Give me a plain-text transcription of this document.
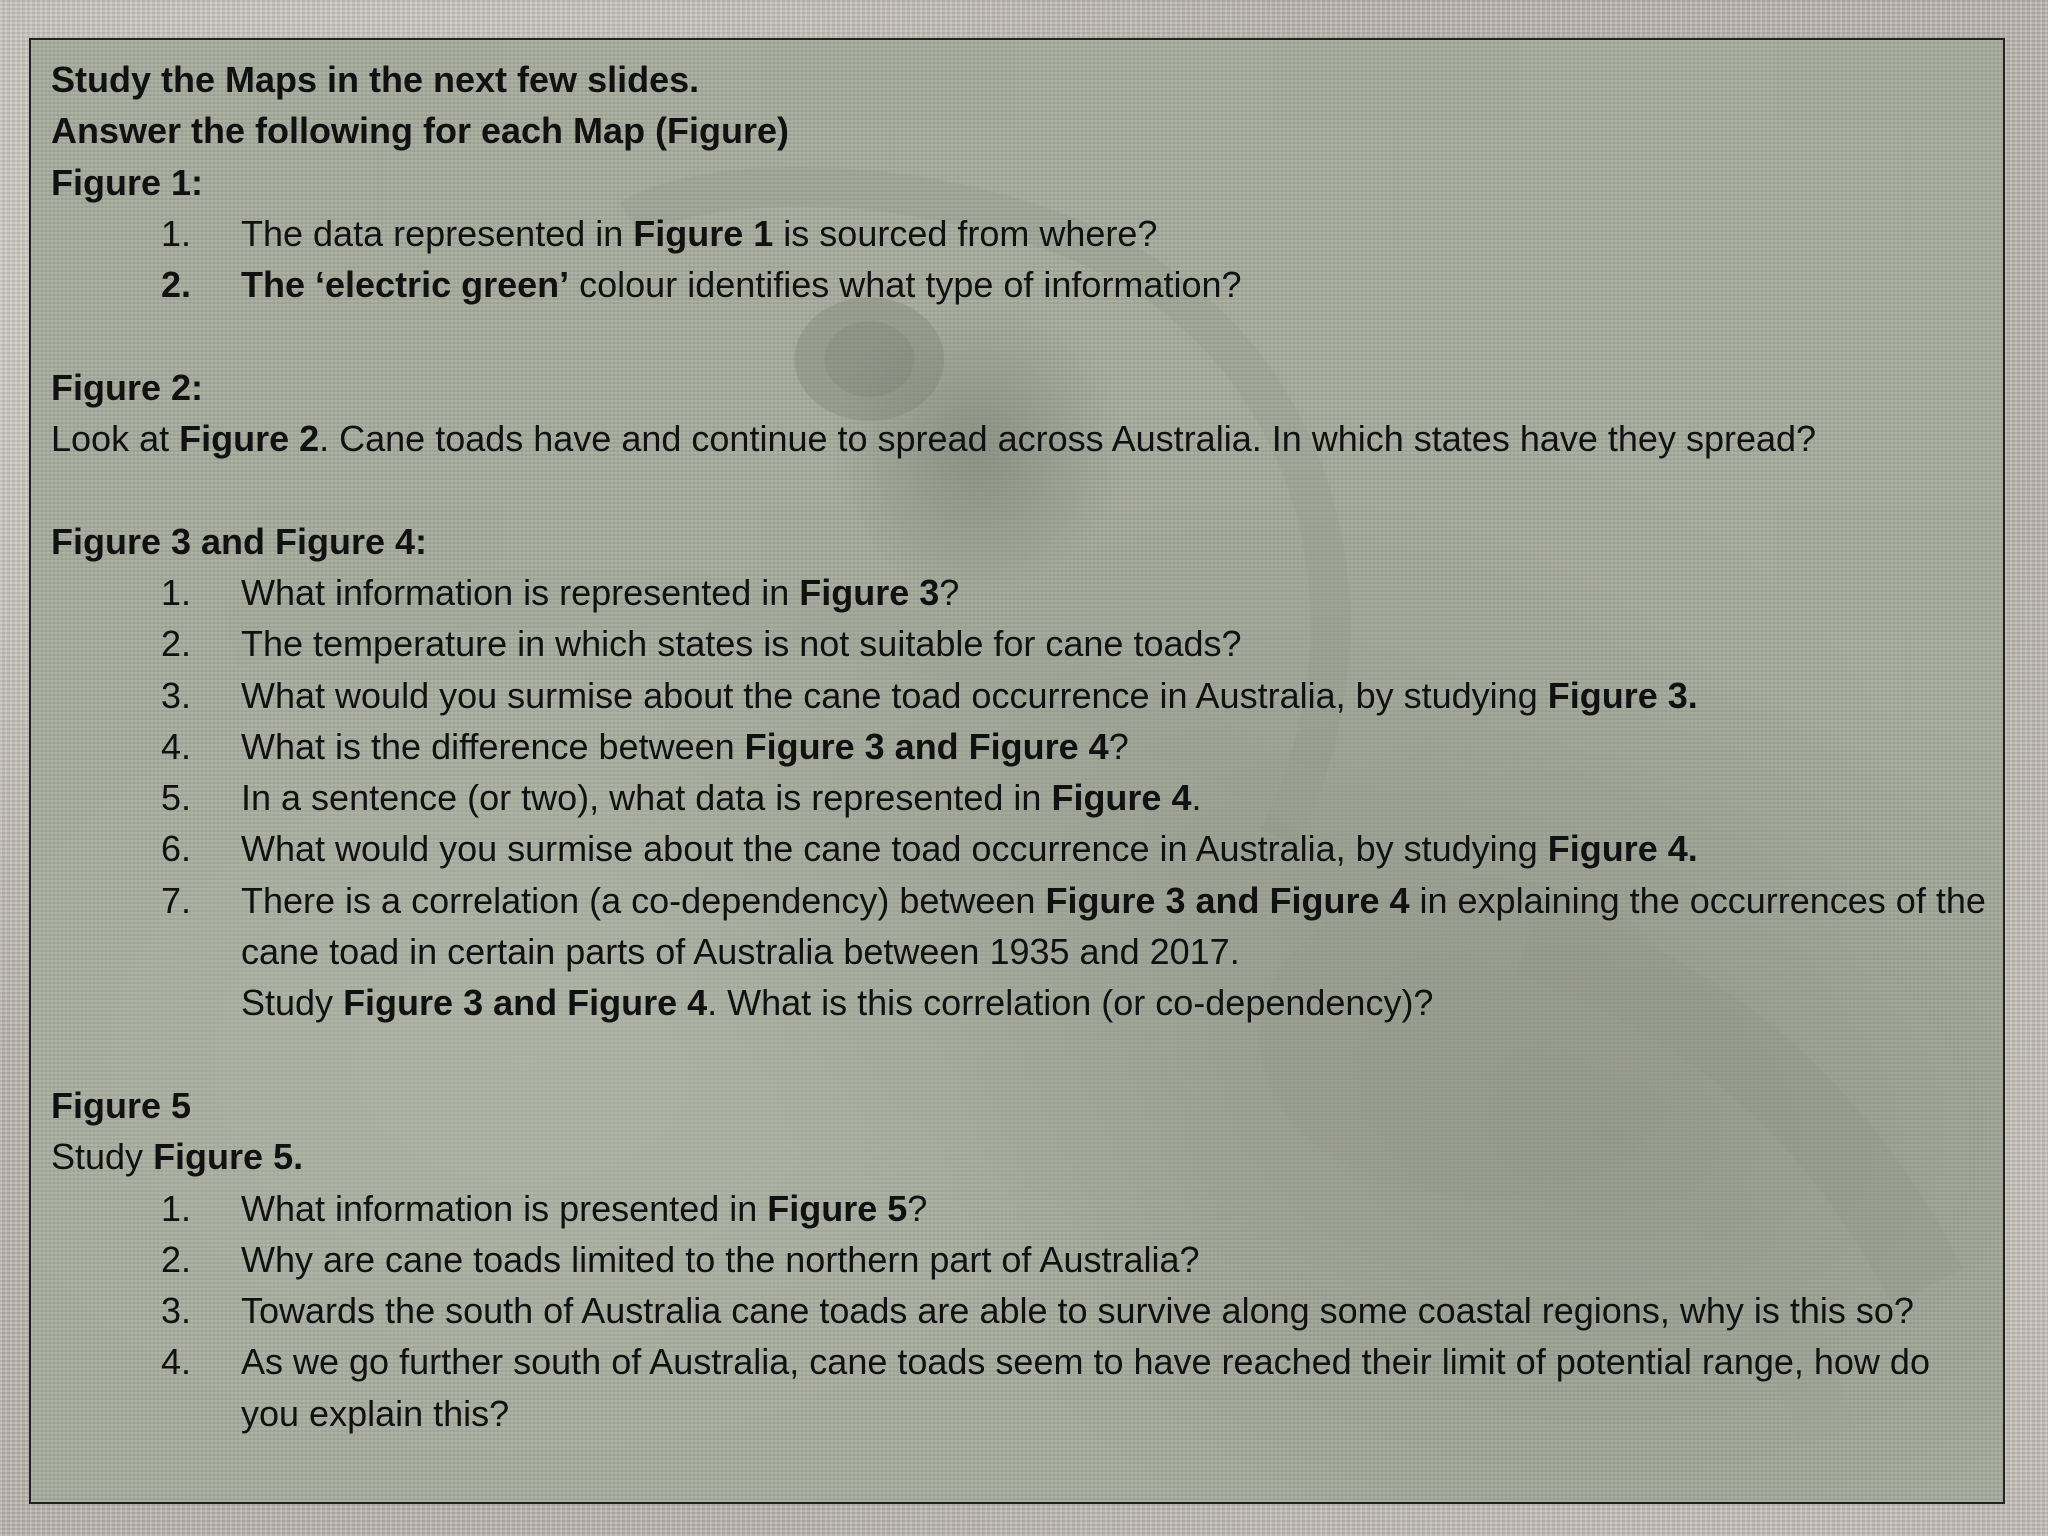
Study the Maps in the next few slides.

Answer the following for each Map (Figure)

Figure 1:

1.	The data represented in Figure 1 is sourced from where?
2.	The ‘electric green’ colour identifies what type of information?

Figure 2:

Look at Figure 2. Cane toads have and continue to spread across Australia. In which states have they spread?

Figure 3 and Figure 4:

1.	What information is represented in Figure 3?
2.	The temperature in which states is not suitable for cane toads?
3.	What would you surmise about the cane toad occurrence in Australia, by studying Figure 3.
4.	What is the difference between Figure 3 and Figure 4?
5.	In a sentence (or two), what data is represented in Figure 4.
6.	What would you surmise about the cane toad occurrence in Australia, by studying Figure 4.
7.	There is a correlation (a co-dependency) between Figure 3 and Figure 4 in explaining the occurrences of the cane toad in certain parts of Australia between 1935 and 2017.
Study Figure 3 and Figure 4. What is this correlation (or co-dependency)?

Figure 5

Study Figure 5.

1.	What information is presented in Figure 5?
2.	Why are cane toads limited to the northern part of Australia?
3.	Towards the south of Australia cane toads are able to survive along some coastal regions, why is this so?
4.	As we go further south of Australia, cane toads seem to have reached their limit of potential range, how do you explain this?
